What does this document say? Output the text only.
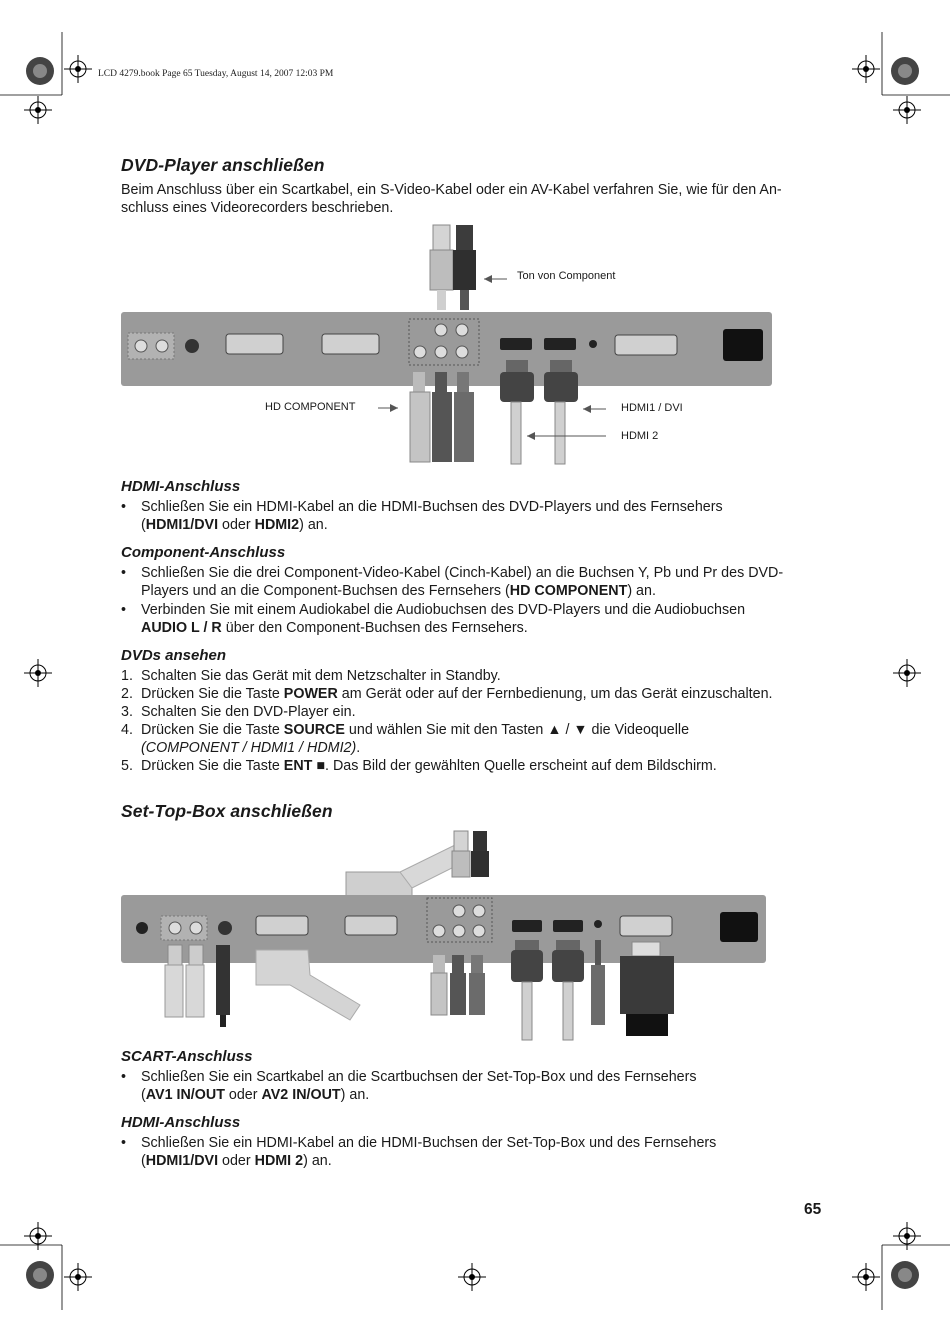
LCD 4279.book Page 65 Tuesday, August 14, 2007 12:03 PM
DVD-Player anschließen

Beim Anschluss über ein Scartkabel, ein S-Video-Kabel oder ein AV-Kabel verfahren Sie, wie für den An-

schluss eines Videorecorders beschrieben.

Ton von Component
HD COMPONENT	HDMI1 / DVI
HDMI 2
HDMI-Anschluss
• Schließen Sie ein HDMI-Kabel an die HDMI-Buchsen des DVD-Players und des Fernsehers
(HDMI1/DVI oder HDMI2) an.
Component-Anschluss
• Schließen Sie die drei Component-Video-Kabel (Cinch-Kabel) an die Buchsen Y, Pb und Pr des DVD-
Players und an die Component-Buchsen des Fernsehers (HD COMPONENT) an.
• Verbinden Sie mit einem Audiokabel die Audiobuchsen des DVD-Players und die Audiobuchsen
AUDIO L / R über den Component-Buchsen des Fernsehers.
DVDs ansehen
1. Schalten Sie das Gerät mit dem Netzschalter in Standby.
2. Drücken Sie die Taste POWER am Gerät oder auf der Fernbedienung, um das Gerät einzuschalten.
3. Schalten Sie den DVD-Player ein.
4. Drücken Sie die Taste SOURCE und wählen Sie mit den Tasten ▲ / ▼ die Videoquelle
(COMPONENT / HDMI1 / HDMI2).
5. Drücken Sie die Taste ENT ■. Das Bild der gewählten Quelle erscheint auf dem Bildschirm.
Set-Top-Box anschließen
SCART-Anschluss
• Schließen Sie ein Scartkabel an die Scartbuchsen der Set-Top-Box und des Fernsehers
(AV1 IN/OUT oder AV2 IN/OUT) an.
HDMI-Anschluss
• Schließen Sie ein HDMI-Kabel an die HDMI-Buchsen der Set-Top-Box und des Fernsehers
(HDMI1/DVI oder HDMI 2) an.
65
